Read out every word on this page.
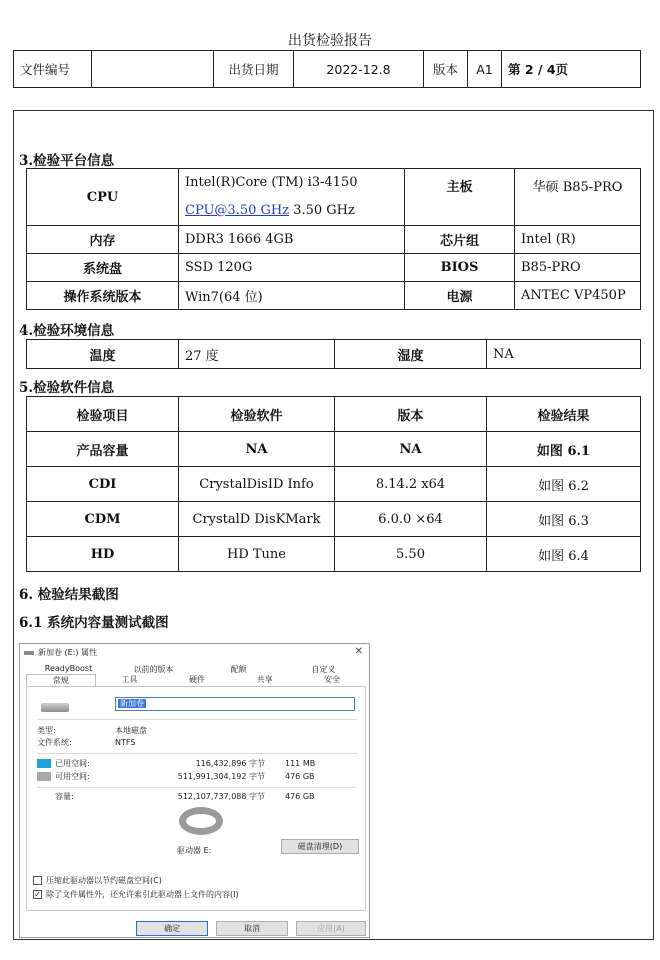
出货检验报告
文件编号		出货日期	2022-12.8	版本	A1	第 2 / 4页
3.检验平台信息
CPU	Intel(R)Core (TM) i3-4150
CPU@3.50 GHz 3.50 GHz	主板	华硕 B85-PRO
内存	DDR3 1666 4GB	芯片组	Intel (R)
系统盘	SSD 120G	BIOS	B85-PRO
操作系统版本	Win7(64 位)	电源	ANTEC VP450P
4.检验环境信息
温度	27 度	湿度	NA
5.检验软件信息
检验项目	检验软件	版本	检验结果
产品容量	NA	NA	如图 6.1
CDI	CrystalDisID Info	8.14.2 x64	如图 6.2
CDM	CrystalD DisKMark	6.0.0 ×64	如图 6.3
HD	HD Tune	5.50	如图 6.4
6. 检验结果截图
6.1 系统内容量测试截图
新加卷 (E:) 属性	✕
ReadyBoost	以前的版本	配额	自定义
常规	工具	硬件	共享	安全
新加卷
类型:	本地磁盘
文件系统:	NTFS
已用空间:	116,432,896 字节	111 MB
可用空间:	511,991,304,192 字节	476 GB
容量:	512,107,737,088 字节	476 GB
驱动器 E:	磁盘清理(D)
压缩此驱动器以节约磁盘空间(C)
✓ 除了文件属性外，还允许索引此驱动器上文件的内容(I)
确定	取消	应用(A)
